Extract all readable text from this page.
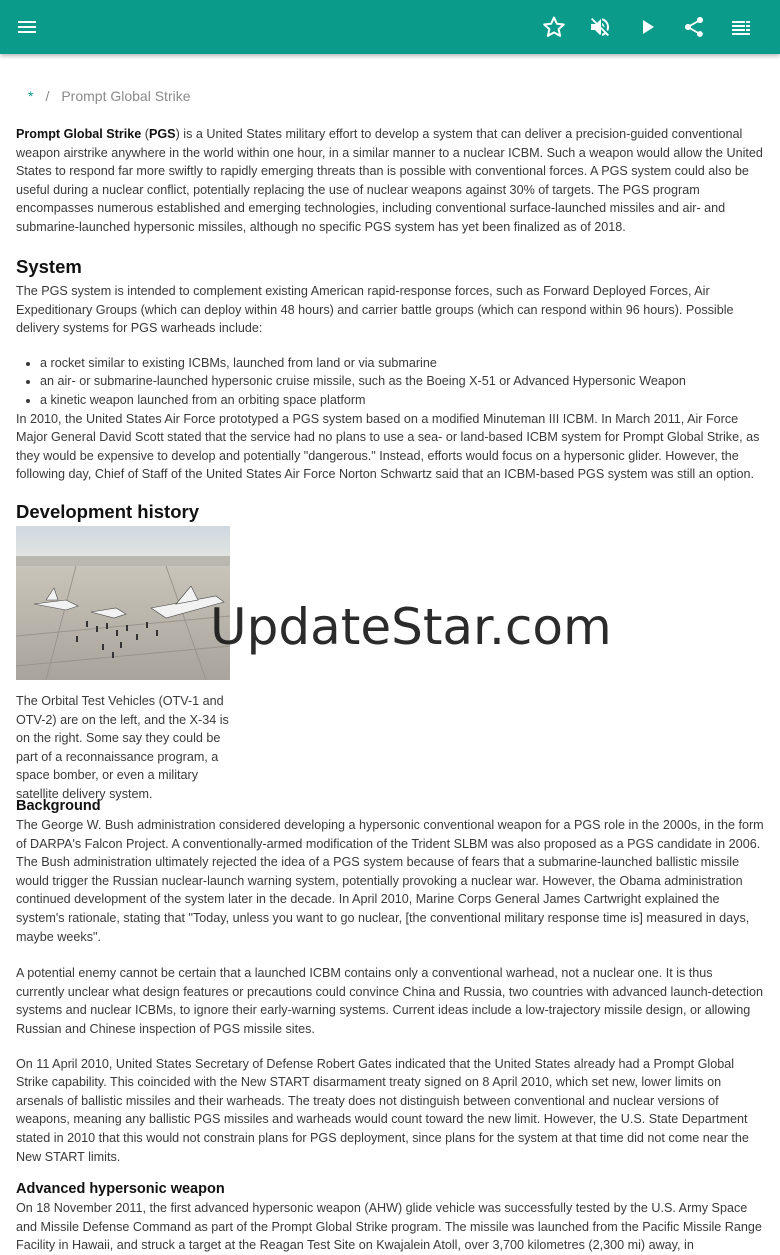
* / Prompt Global Strike

Prompt Global Strike (PGS) is a United States military effort to develop a system that can deliver a precision-guided conventional weapon airstrike anywhere in the world within one hour, in a similar manner to a nuclear ICBM. Such a weapon would allow the United States to respond far more swiftly to rapidly emerging threats than is possible with conventional forces. A PGS system could also be useful during a nuclear conflict, potentially replacing the use of nuclear weapons against 30% of targets. The PGS program encompasses numerous established and emerging technologies, including conventional surface-launched missiles and air- and submarine-launched hypersonic missiles, although no specific PGS system has yet been finalized as of 2018.

System

The PGS system is intended to complement existing American rapid-response forces, such as Forward Deployed Forces, Air Expeditionary Groups (which can deploy within 48 hours) and carrier battle groups (which can respond within 96 hours). Possible delivery systems for PGS warheads include:

• a rocket similar to existing ICBMs, launched from land or via submarine
• an air- or submarine-launched hypersonic cruise missile, such as the Boeing X-51 or Advanced Hypersonic Weapon
• a kinetic weapon launched from an orbiting space platform

In 2010, the United States Air Force prototyped a PGS system based on a modified Minuteman III ICBM. In March 2011, Air Force Major General David Scott stated that the service had no plans to use a sea- or land-based ICBM system for Prompt Global Strike, as they would be expensive to develop and potentially "dangerous." Instead, efforts would focus on a hypersonic glider. However, the following day, Chief of Staff of the United States Air Force Norton Schwartz said that an ICBM-based PGS system was still an option.

Development history
The Orbital Test Vehicles (OTV-1 and OTV-2) are on the left, and the X-34 is on the right. Some say they could be part of a reconnaissance program, a space bomber, or even a military satellite delivery system.
Background

The George W. Bush administration considered developing a hypersonic conventional weapon for a PGS role in the 2000s, in the form of DARPA's Falcon Project. A conventionally-armed modification of the Trident SLBM was also proposed as a PGS candidate in 2006. The Bush administration ultimately rejected the idea of a PGS system because of fears that a submarine-launched ballistic missile would trigger the Russian nuclear-launch warning system, potentially provoking a nuclear war. However, the Obama administration continued development of the system later in the decade. In April 2010, Marine Corps General James Cartwright explained the system's rationale, stating that "Today, unless you want to go nuclear, [the conventional military response time is] measured in days, maybe weeks".

A potential enemy cannot be certain that a launched ICBM contains only a conventional warhead, not a nuclear one. It is thus currently unclear what design features or precautions could convince China and Russia, two countries with advanced launch-detection systems and nuclear ICBMs, to ignore their early-warning systems. Current ideas include a low-trajectory missile design, or allowing Russian and Chinese inspection of PGS missile sites.

On 11 April 2010, United States Secretary of Defense Robert Gates indicated that the United States already had a Prompt Global Strike capability. This coincided with the New START disarmament treaty signed on 8 April 2010, which set new, lower limits on arsenals of ballistic missiles and their warheads. The treaty does not distinguish between conventional and nuclear versions of weapons, meaning any ballistic PGS missiles and warheads would count toward the new limit. However, the U.S. State Department stated in 2010 that this would not constrain plans for PGS deployment, since plans for the system at that time did not come near the New START limits.

Advanced hypersonic weapon

On 18 November 2011, the first advanced hypersonic weapon (AHW) glide vehicle was successfully tested by the U.S. Army Space and Missile Defense Command as part of the Prompt Global Strike program. The missile was launched from the Pacific Missile Range Facility in Hawaii, and struck a target at the Reagan Test Site on Kwajalein Atoll, over 3,700 kilometres (2,300 mi) away, in

UpdateStar.com
